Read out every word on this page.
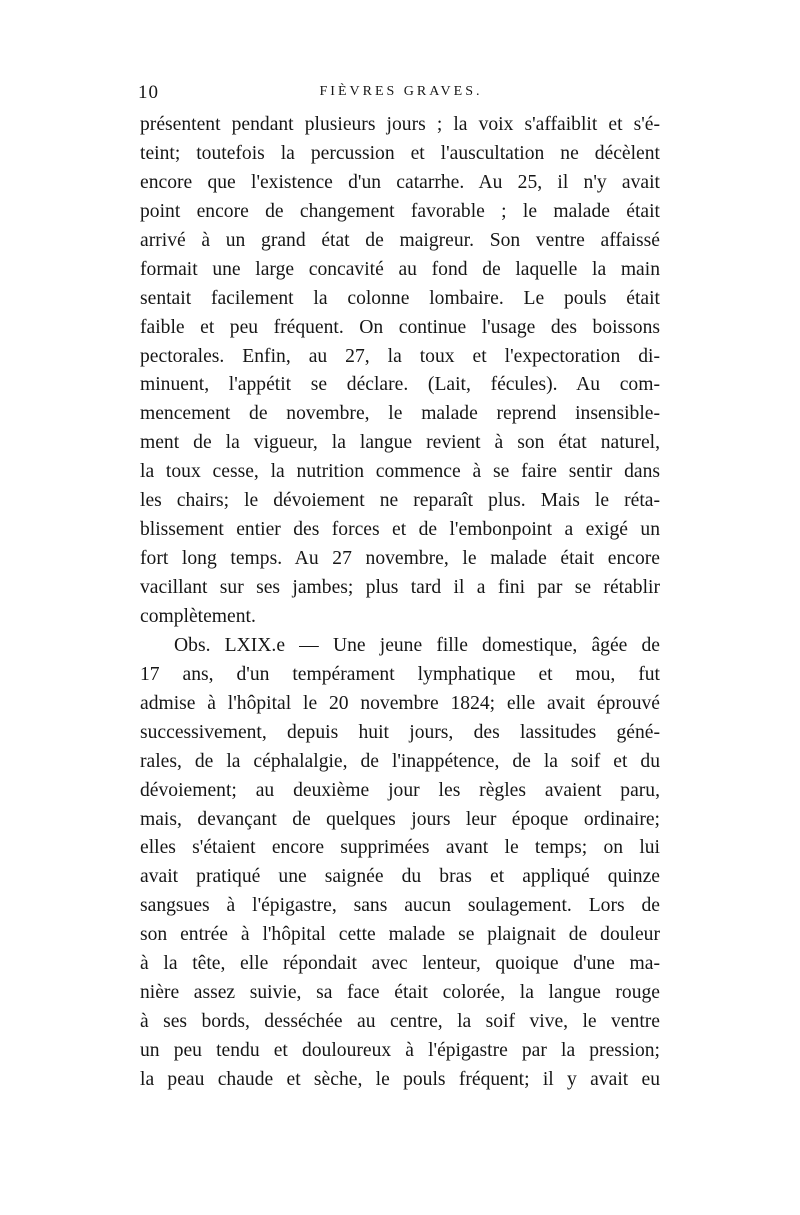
10	FIÈVRES GRAVES.
présentent pendant plusieurs jours ; la voix s'affaiblit et s'é-
teint; toutefois la percussion et l'auscultation ne décèlent
encore que l'existence d'un catarrhe. Au 25, il n'y avait
point encore de changement favorable ; le malade était
arrivé à un grand état de maigreur. Son ventre affaissé
formait une large concavité au fond de laquelle la main
sentait facilement la colonne lombaire. Le pouls était
faible et peu fréquent. On continue l'usage des boissons
pectorales. Enfin, au 27, la toux et l'expectoration di-
minuent, l'appétit se déclare. (Lait, fécules). Au com-
mencement de novembre, le malade reprend insensible-
ment de la vigueur, la langue revient à son état naturel,
la toux cesse, la nutrition commence à se faire sentir dans
les chairs; le dévoiement ne reparaît plus. Mais le réta-
blissement entier des forces et de l'embonpoint a exigé un
fort long temps. Au 27 novembre, le malade était encore
vacillant sur ses jambes; plus tard il a fini par se rétablir
complètement.
Obs. LXIX.e — Une jeune fille domestique, âgée de
17 ans, d'un tempérament lymphatique et mou, fut
admise à l'hôpital le 20 novembre 1824; elle avait éprouvé
successivement, depuis huit jours, des lassitudes géné-
rales, de la céphalalgie, de l'inappétence, de la soif et du
dévoiement; au deuxième jour les règles avaient paru,
mais, devançant de quelques jours leur époque ordinaire;
elles s'étaient encore supprimées avant le temps; on lui
avait pratiqué une saignée du bras et appliqué quinze
sangsues à l'épigastre, sans aucun soulagement. Lors de
son entrée à l'hôpital cette malade se plaignait de douleur
à la tête, elle répondait avec lenteur, quoique d'une ma-
nière assez suivie, sa face était colorée, la langue rouge
à ses bords, desséchée au centre, la soif vive, le ventre
un peu tendu et douloureux à l'épigastre par la pression;
la peau chaude et sèche, le pouls fréquent; il y avait eu
